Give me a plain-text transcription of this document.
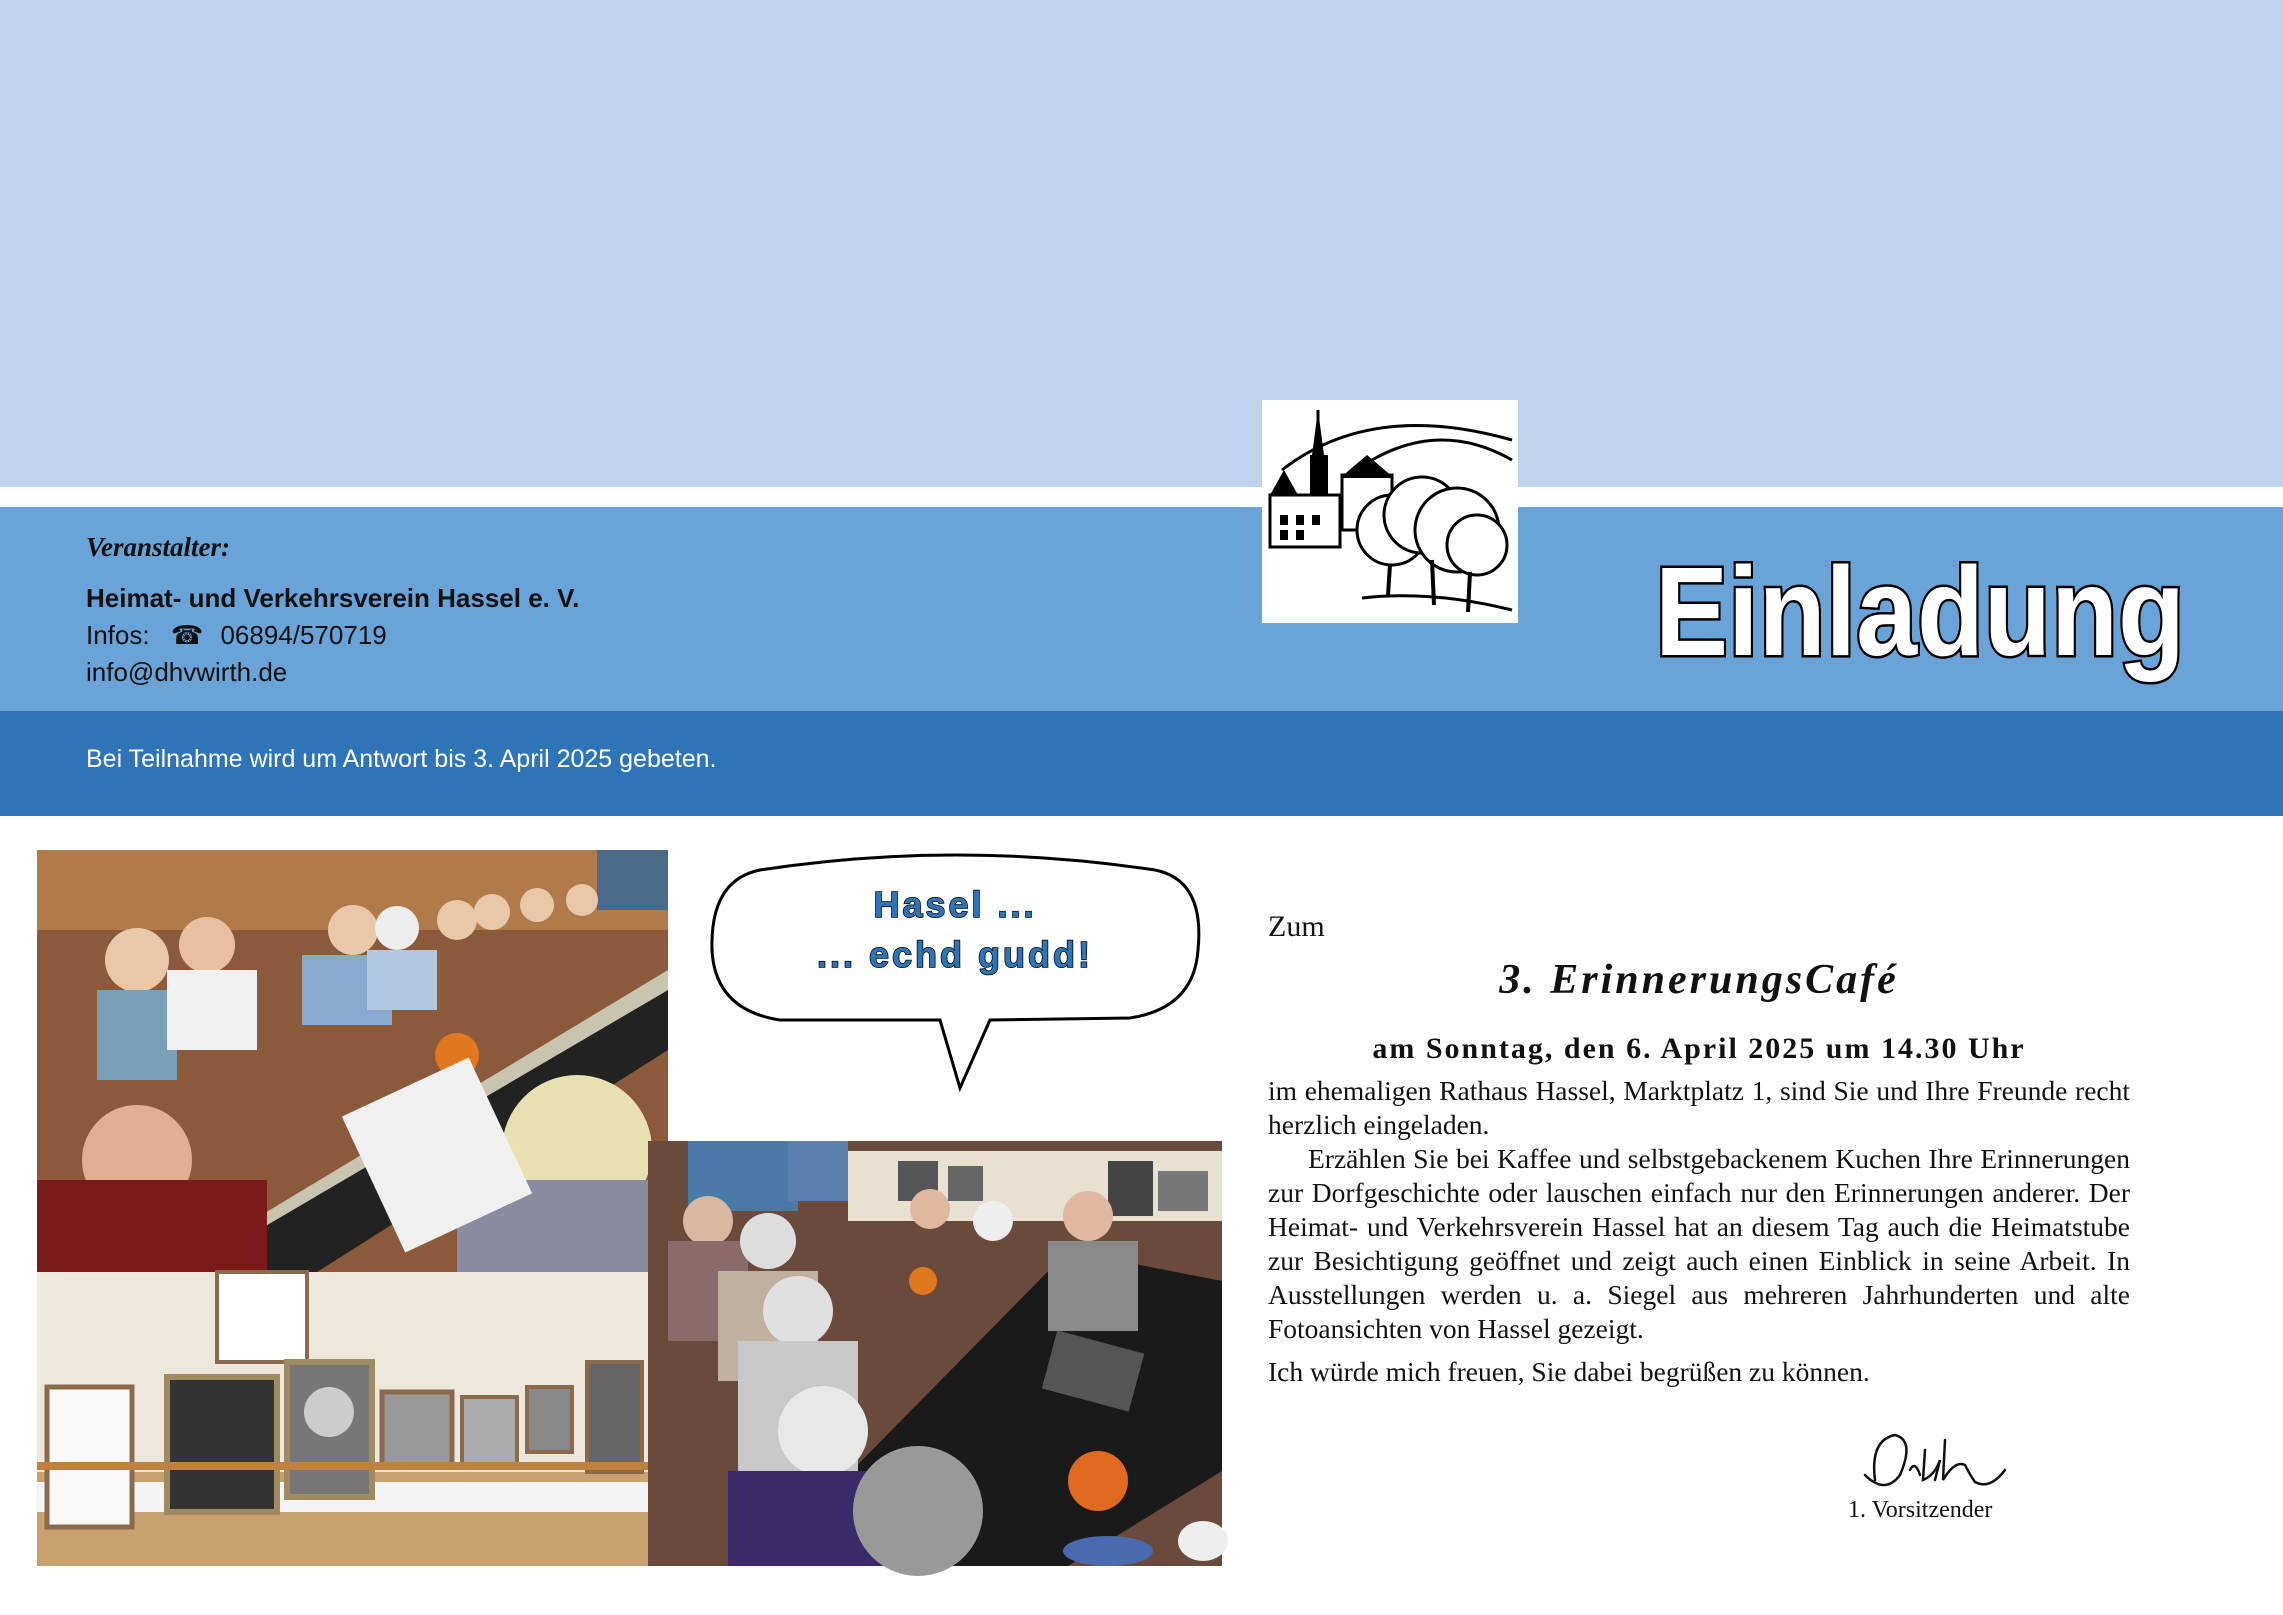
Veranstalter:
Heimat- und Verkehrsverein Hassel e. V.
Infos: ☎ 06894/570719
info@dhvwirth.de
Bei Teilnahme wird um Antwort bis 3. April 2025 gebeten.
Einladung
Hasel ...
... echd gudd!
Zum
3. ErinnerungsCafé
am Sonntag, den 6. April 2025 um 14.30 Uhr

im ehemaligen Rathaus Hassel, Marktplatz 1, sind Sie und Ihre Freunde recht herzlich eingeladen.

Erzählen Sie bei Kaffee und selbstgebackenem Kuchen Ihre Erinnerungen zur Dorfgeschichte oder lauschen einfach nur den Erinnerungen anderer. Der Heimat- und Verkehrsverein Hassel hat an diesem Tag auch die Heimatstube zur Besichtigung geöffnet und zeigt auch einen Einblick in seine Arbeit. In Ausstellungen werden u. a. Siegel aus mehreren Jahrhunderten und alte Fotoansichten von Hassel gezeigt.

Ich würde mich freuen, Sie dabei begrüßen zu können.
1. Vorsitzender
